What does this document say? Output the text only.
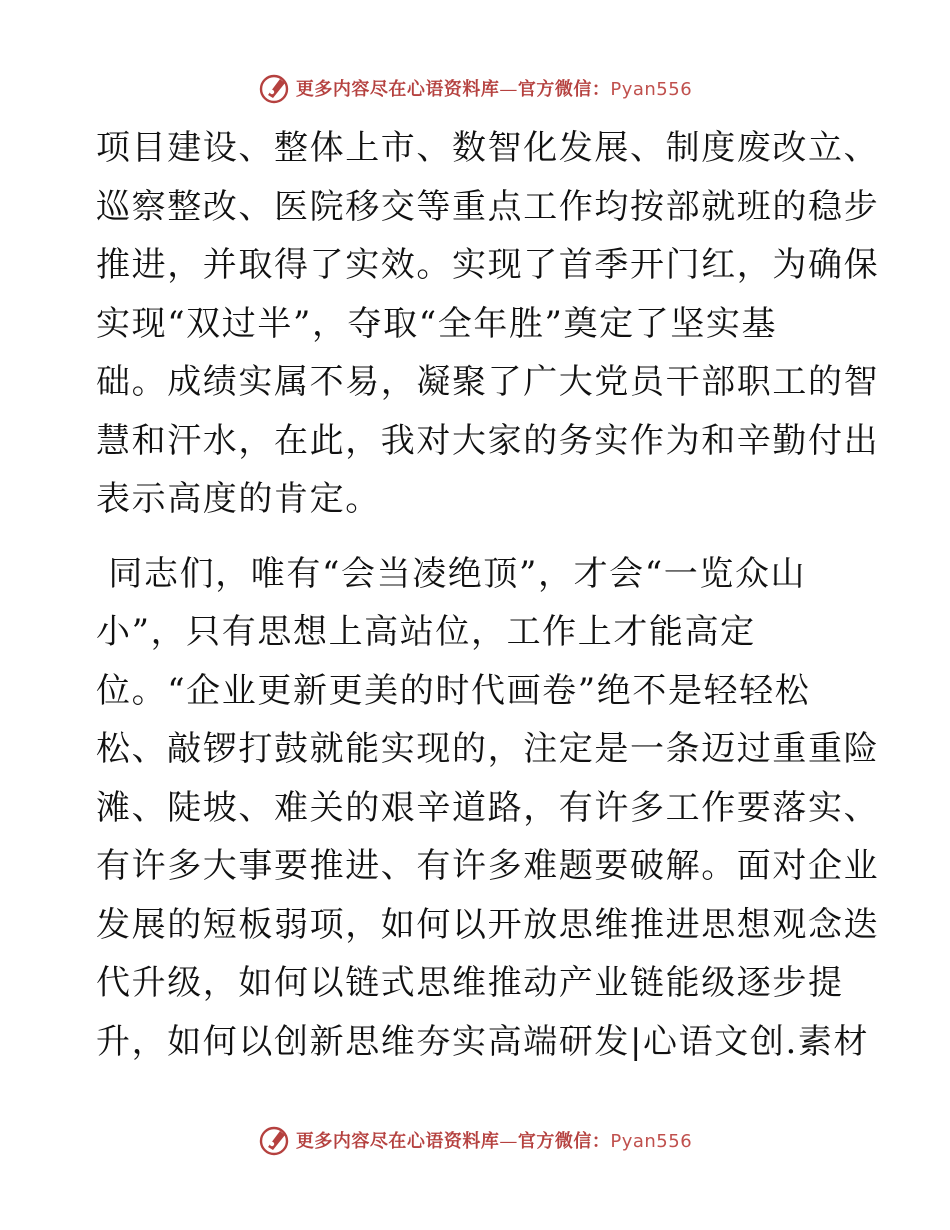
更多内容尽在心语资料库—官方微信：Pyan556
项目建设、整体上市、数智化发展、制度废改立、
巡察整改、医院移交等重点工作均按部就班的稳步
推进，并取得了实效。实现了首季开门红，为确保
实现“双过半”，夺取“全年胜”奠定了坚实基
础。成绩实属不易，凝聚了广大党员干部职工的智
慧和汗水，在此，我对大家的务实作为和辛勤付出
表示高度的肯定。
同志们，唯有“会当凌绝顶”，才会“一览众山
小”，只有思想上高站位，工作上才能高定
位。“企业更新更美的时代画卷”绝不是轻轻松
松、敲锣打鼓就能实现的，注定是一条迈过重重险
滩、陡坡、难关的艰辛道路，有许多工作要落实、
有许多大事要推进、有许多难题要破解。面对企业
发展的短板弱项，如何以开放思维推进思想观念迭
代升级，如何以链式思维推动产业链能级逐步提
升，如何以创新思维夯实高端研发|心语文创.素材
更多内容尽在心语资料库—官方微信：Pyan556
